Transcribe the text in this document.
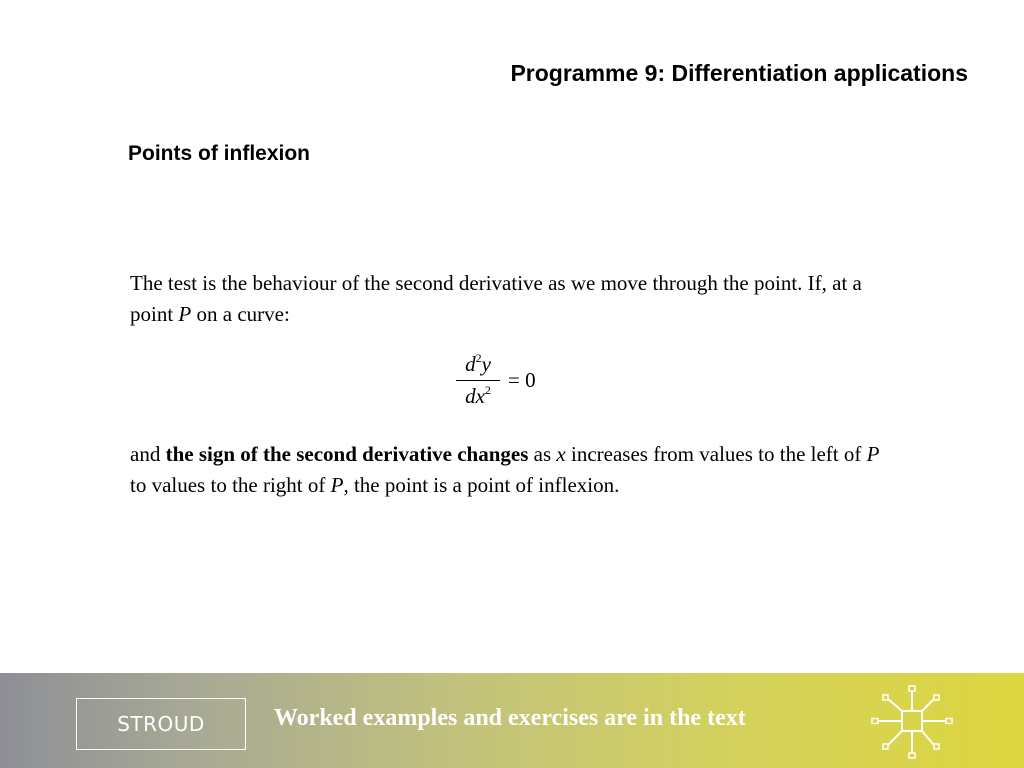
Programme 9: Differentiation applications
Points of inflexion
The test is the behaviour of the second derivative as we move through the point. If, at a point P on a curve:
$\frac{d^2y}{dx^2} = 0$
and the sign of the second derivative changes as x increases from values to the left of P to values to the right of P, the point is a point of inflexion.
STROUD	Worked examples and exercises are in the text
